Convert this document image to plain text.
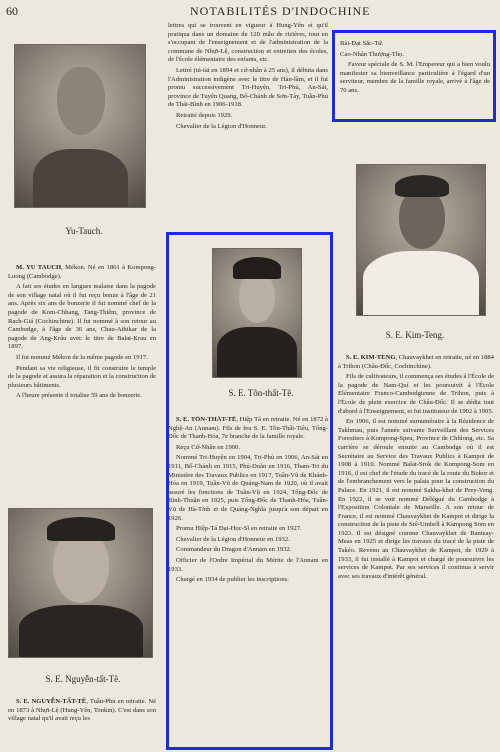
60	NOTABILITÉS D'INDOCHINE
Yu-Tauch.

M. YU TAUCH, Mékon. Né en 1861 à Kompong-Luong (Cambodge).

A fait ses études en langues malaise dans la pagode de son village natal où il fut reçu bonze à l'âge de 21 ans. Après six ans de bonzerie il fut nommé chef de la pagode de Kom-Chhang, Tang-Thiêm, province de Rach-Giá (Cochinchine). Il fut nommé à son retour au Cambodge, à l'âge de 36 ans, Chau-Athikar de la pagode de Ang-Krâu avec le titre de Balat-Krau en 1897.

Il fut nommé Mékon de la même pagode en 1917.

Pendant sa vie religieuse, il fit construire le temple de la pagode et assura la réparation et la construction de plusieurs bâtiments.

A l'heure présente il totalise 59 ans de bonzerie.

S. E. Nguyễn-tất-Tê.

S. E. NGUYỄN-TẤT-TÊ, Tuần-Phủ en retraite. Né en 1873 à Nhựt-Lệ (Hung-Yên, Tonkin). C'est dans son village natal qu'il avait reçu les

lettres qui se trouvent en vigueur à Hung-Yên et qu'il pratiqua dans un domaine de 120 mẫu de rizières, tout en s'occupant de l'enseignement et de l'administration de la commune de Nhựt-Lệ, construction et entretien des écoles, de l'école élémentaire des enfants, etc.

Lettré (tú-tài en 1894 et cử-nhân à 25 ans), il débuta dans l'Administration indigène avec le titre de Hàn-lâm, et il fut promu successivement Tri-Huyện, Tri-Phủ, An-Sát, province de Tuyên Quang, Bố-Chánh de Sơn-Tây, Tuần-Phủ de Thái-Bình en 1906-1918.

Retraité depuis 1929.

Chevalier de la Légion d'Honneur.

S. E. Tôn-thất-Tê.

S. E. TÔN-THẤT-TÊ, Hiệp Tá en retraite. Né en 1872 à Nghệ-An (Annam). Fils de feu S. E. Tôn-Thất-Tiêu, Tổng-Đốc de Thanh-Hóa, 7e branche de la famille royale.

Reçu Cử-Nhân en 1900.

Nommé Tri-Huyện en 1904, Tri-Phủ en 1906, An-Sát en 1911, Bố-Chánh en 1915, Phủ-Doãn en 1916, Tham-Tri du Ministère des Travaux Publics en 1917, Tuần-Vũ de Khánh-Hòa en 1919, Tuần-Vũ de Quảng-Nam de 1920, où il avait assuré les fonctions de Tuần-Vũ en 1924, Tổng-Đốc de Bình-Thuận en 1925, puis Tổng-Đốc de Thanh-Hóa, Tuần-Vũ de Hà-Tĩnh et de Quảng-Nghĩa jusqu'à son départ en 1926.

Promu Hiệp-Tá Đại-Học-Sĩ en retraite en 1927.

Chevalier de la Légion d'Honneur en 1932.

Commandeur du Dragon d'Annam en 1932.

Officier de l'Ordre Impérial du Mérite de l'Annam en 1933.

Chargé en 1934 de publier les inscriptions.

Bài-Đạt Sắc-Tứ.

Cao-Nhân Thượng-Thọ.

Faveur spéciale de S. M. l'Empereur qui a bien voulu manifester sa bienveillance particulière à l'égard d'un serviteur, membre de la famille royale, arrivé à l'âge de 70 ans.

S. E. Kim-Teng.

S. E. KIM-TENG, Chauvaykhet en retraite, né en 1884 à Trihon (Châu-Đốc, Cochinchine).

Fils de cultivateurs, il commença ses études à l'École de la pagode de Nam-Quí et les poursuivit à l'École Elémentaire Franco-Cambodgienne de Trihon, puis à l'École de plein exercice de Châu-Đốc. Il se dédia tout d'abord à l'Enseignement, et fut instituteur de 1902 à 1905.

En 1906, il est nommé surnuméraire à la Résidence de Takhmau, puis l'année suivante Surveillant des Services Forestiers à Kompong-Speu, Province de Chhlong, etc. Sa carrière se déroule ensuite au Cambodge où il est Secrétaire au Service des Travaux Publics à Kampot de 1908 à 1910. Nommé Balat-Srok de Kompong-Som en 1916, il est chef de l'étude du tracé de la route du Bokor et de l'embranchement vers le palais pour la construction du Palace. En 1921, il est nommé Sakha-khet de Prey-Veng. En 1922, il se voit nommé Délégué du Cambodge à l'Exposition Coloniale de Marseille. A son retour de France, il est nommé Chauvaykhet de Kampot et dirige la construction de la piste de Srê-Umbell à Kampong Som en 1923. Il est désigné comme Chauvaykhet de Banteay-Meas en 1925 et dirige les travaux du tracé de la piste de Takéo. Revenu au Chauvaykhet de Kampot, de 1929 à 1933, il fut installé à Kampot et chargé de poursuivre les services de Kampot. Par ses services il continua à servir avec ses travaux d'intérêt général.
